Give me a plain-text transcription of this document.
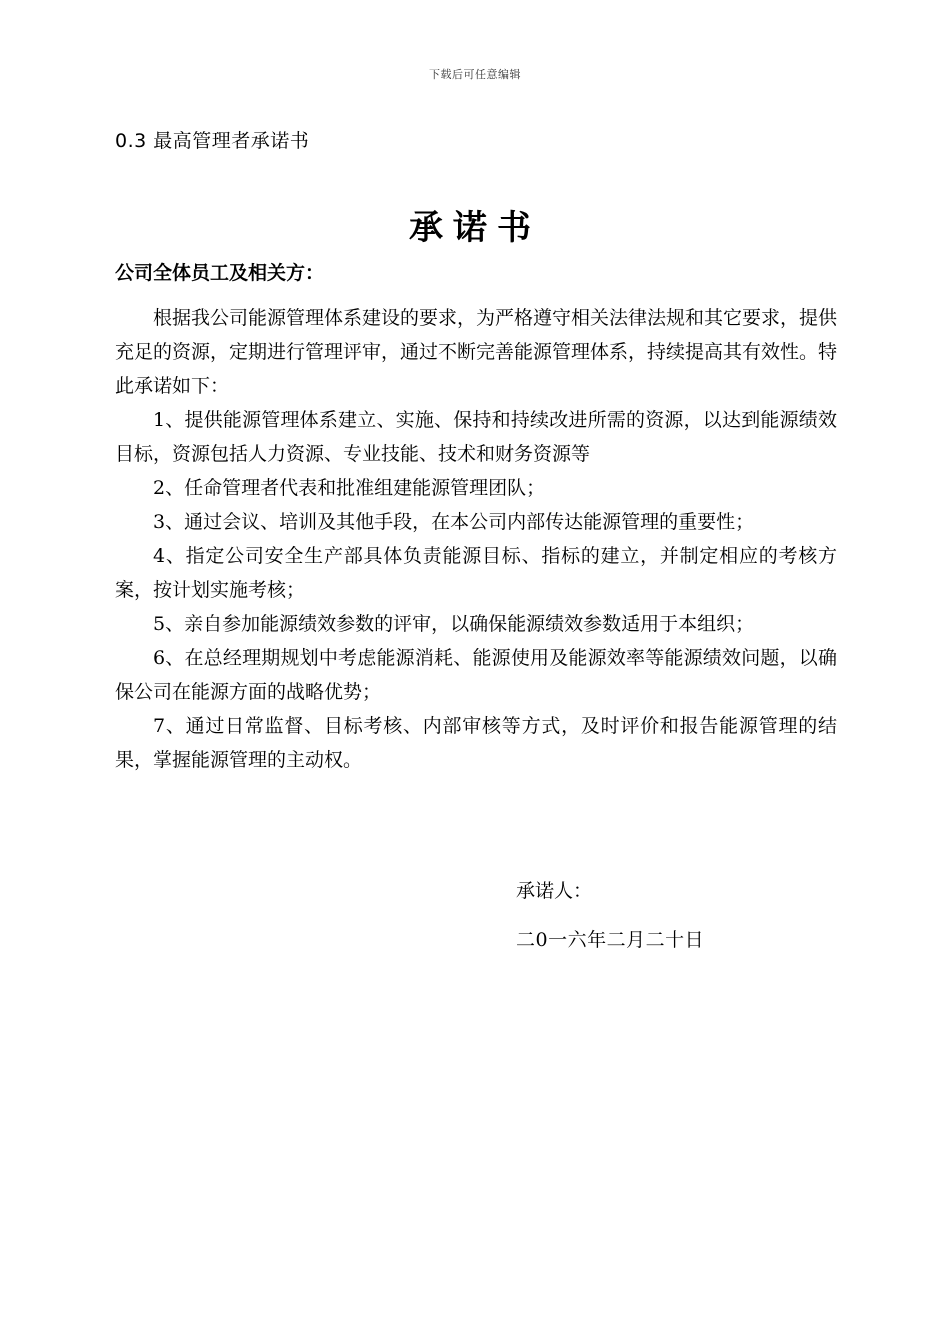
下载后可任意编辑
0.3 最高管理者承诺书
承诺书
公司全体员工及相关方：

根据我公司能源管理体系建设的要求，为严格遵守相关法律法规和其它要求，提供充足的资源，定期进行管理评审，通过不断完善能源管理体系，持续提高其有效性。特此承诺如下：

1、提供能源管理体系建立、实施、保持和持续改进所需的资源，以达到能源绩效目标，资源包括人力资源、专业技能、技术和财务资源等

2、任命管理者代表和批准组建能源管理团队；

3、通过会议、培训及其他手段，在本公司内部传达能源管理的重要性；

4、指定公司安全生产部具体负责能源目标、指标的建立，并制定相应的考核方案，按计划实施考核；

5、亲自参加能源绩效参数的评审，以确保能源绩效参数适用于本组织；

6、在总经理期规划中考虑能源消耗、能源使用及能源效率等能源绩效问题，以确保公司在能源方面的战略优势；

7、通过日常监督、目标考核、内部审核等方式，及时评价和报告能源管理的结果，掌握能源管理的主动权。

承诺人：
二0一六年二月二十日
